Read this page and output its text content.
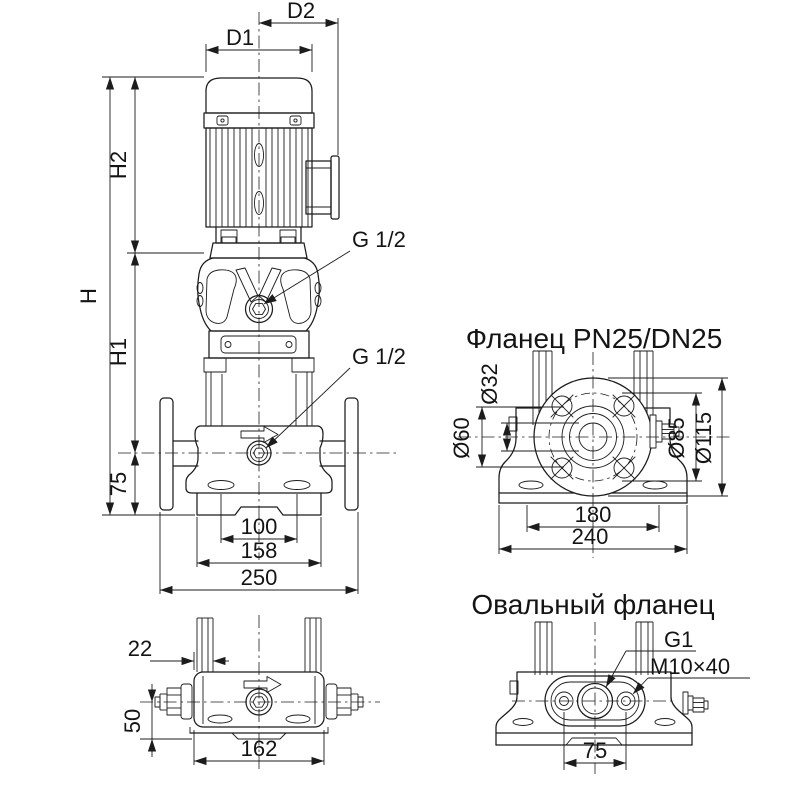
D2
D1
H
H2
H1
75
G 1/2
G 1/2
100
158
250
Фланец PN25/DN25
Ø32
Ø60	Ø85 Ø115
180
240
22
50
162
Овальный фланец
G1
M10×40
75
